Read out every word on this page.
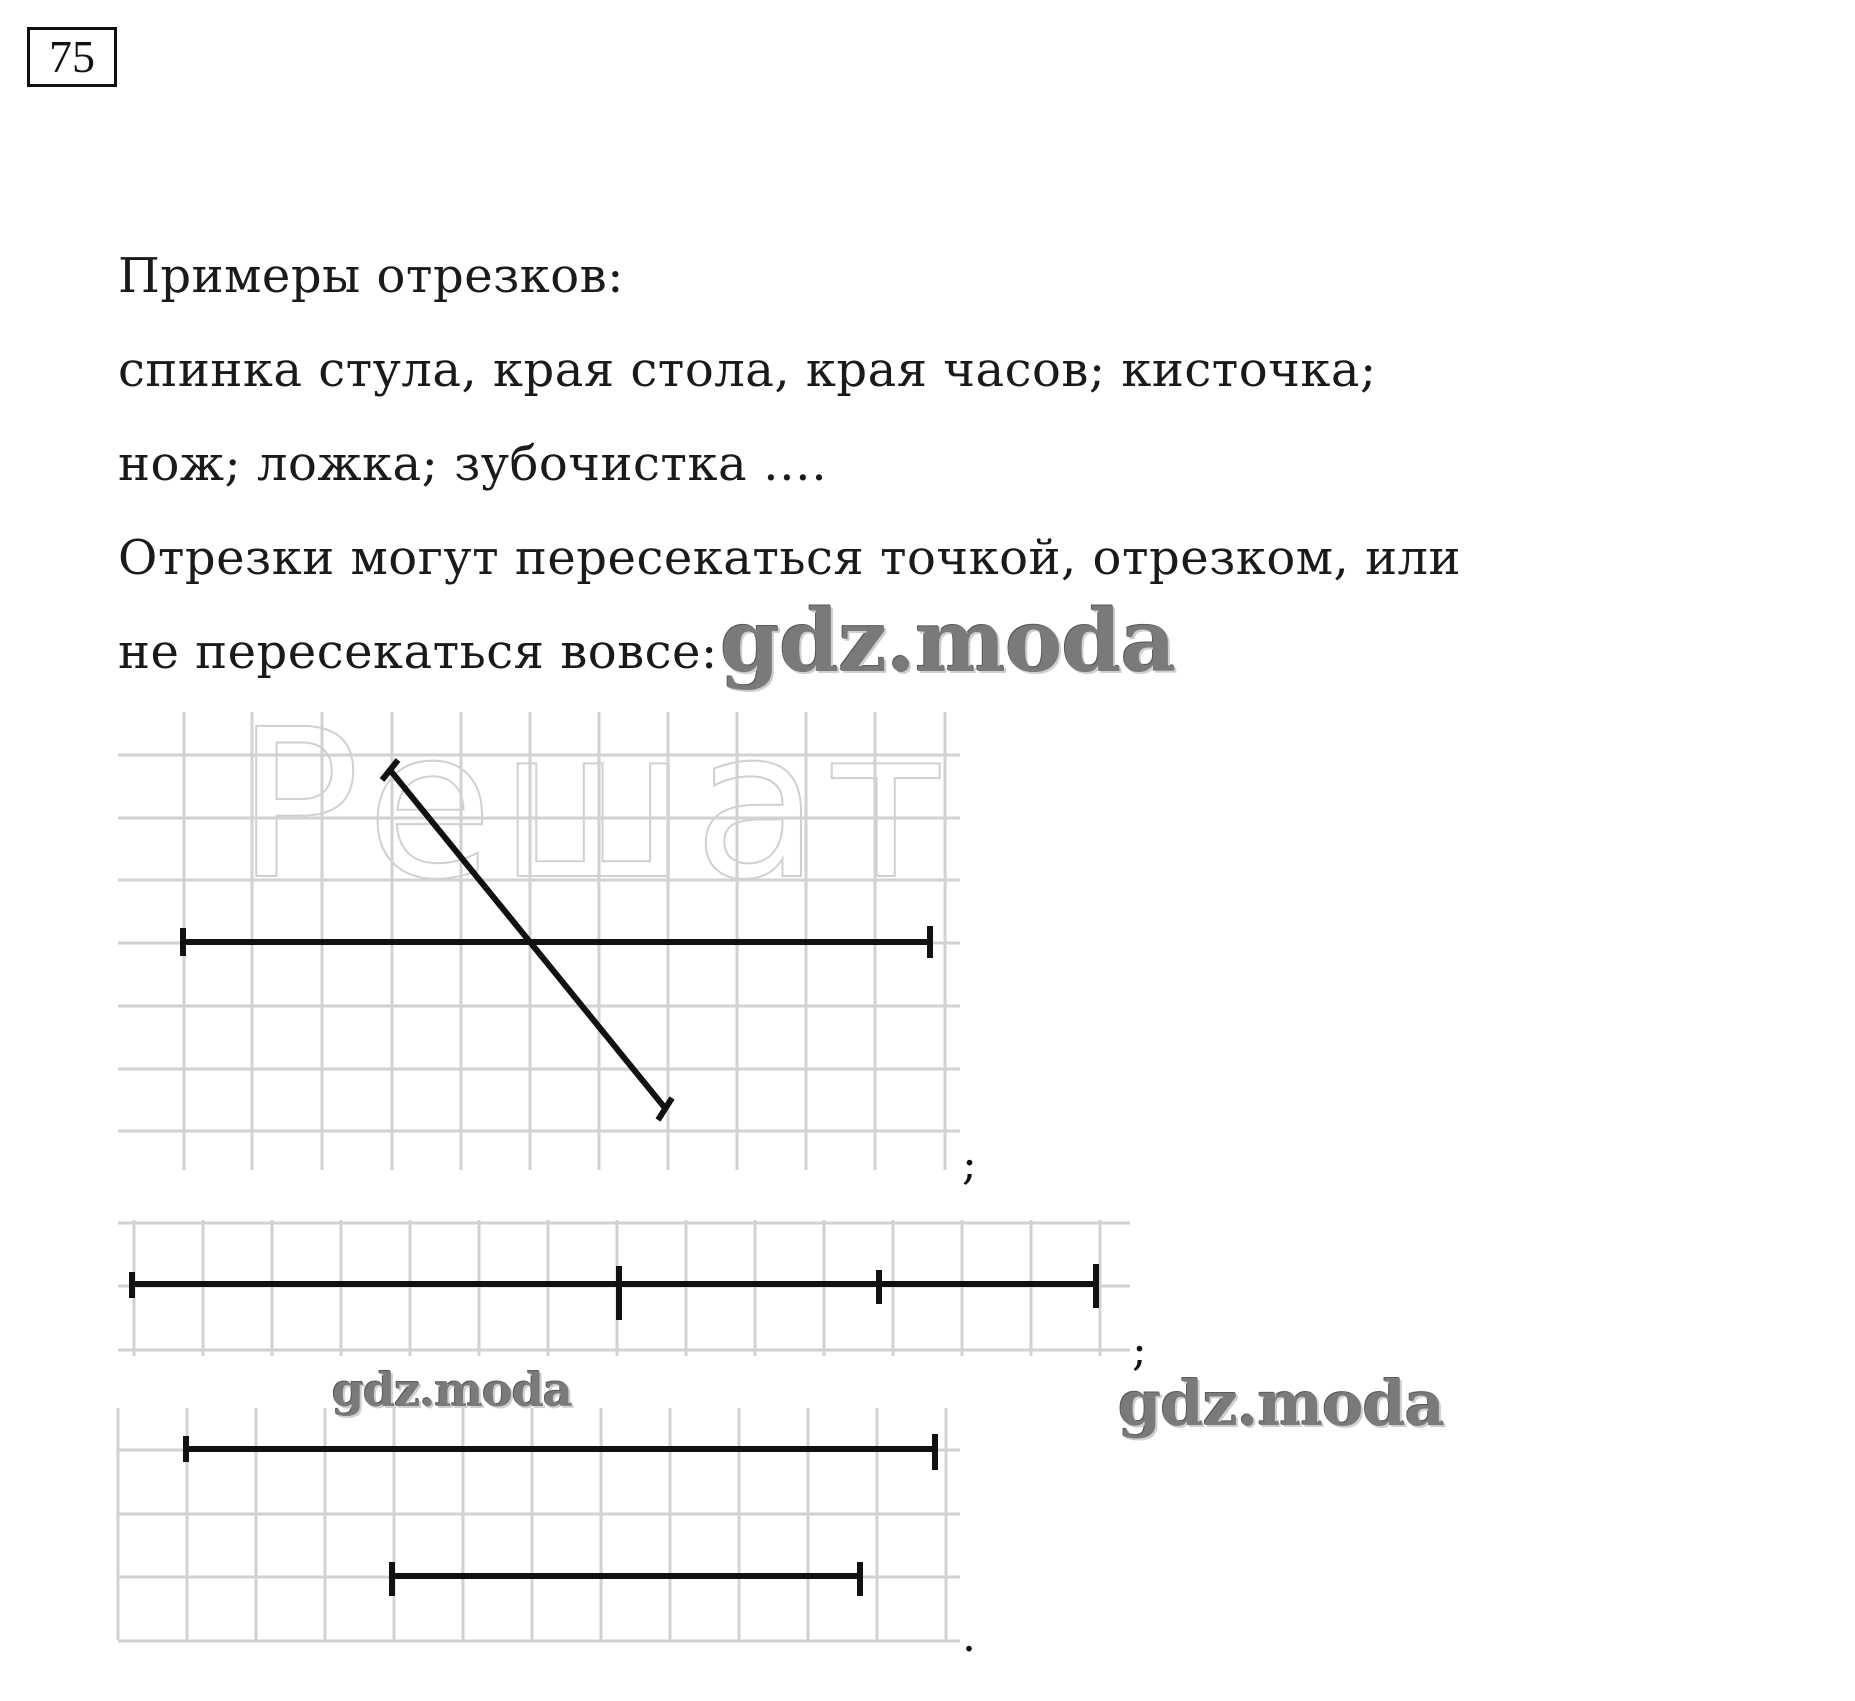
75
Примеры отрезков:
спинка стула, края стола, края часов; кисточка;
нож; ложка; зубочистка ….
Отрезки могут пересекаться точкой, отрезком, или
не пересекаться вовсе:
Решат
;
;
.
gdz.moda
gdz.moda	gdz.moda
